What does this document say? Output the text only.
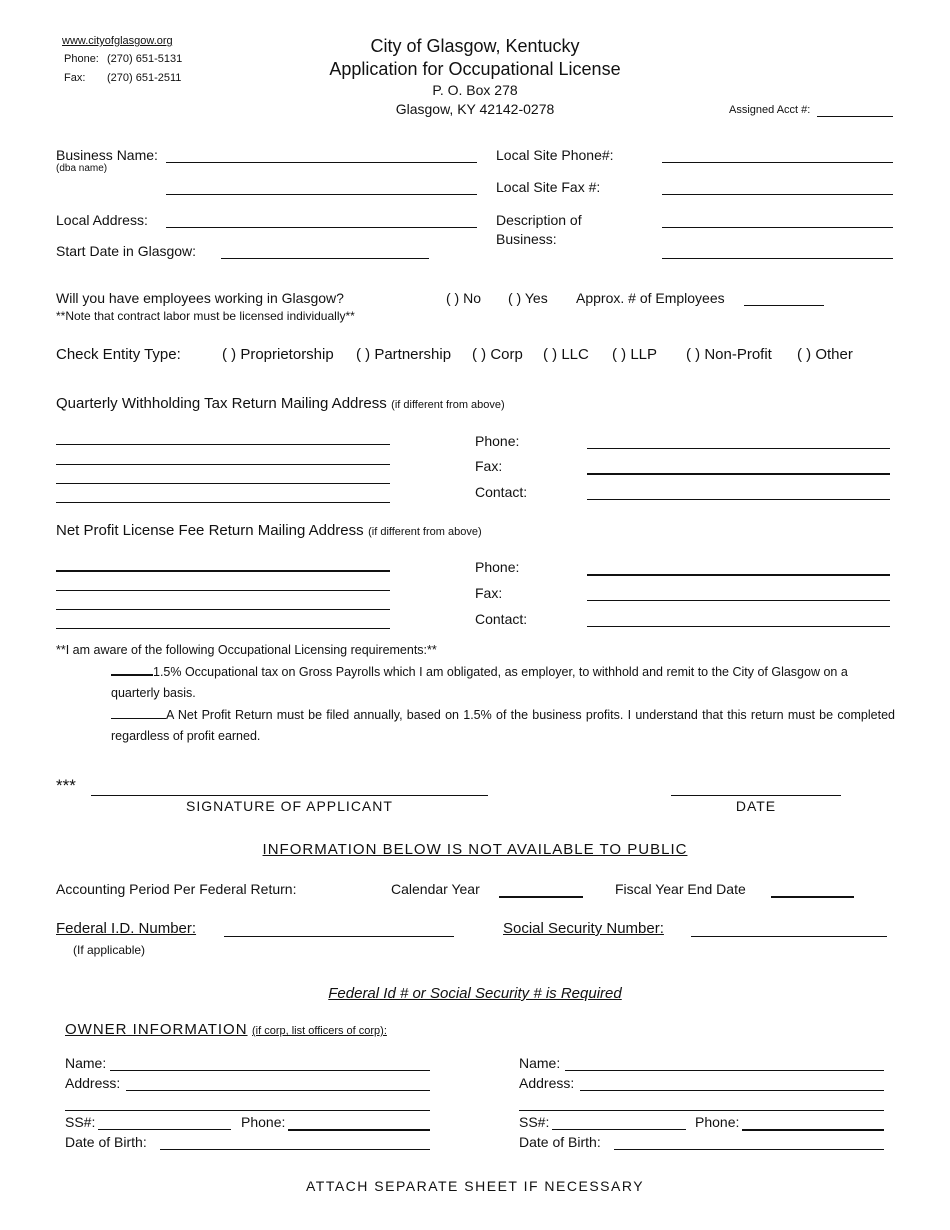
www.cityofglasgow.org
Phone: (270) 651-5131
Fax: (270) 651-2511
City of Glasgow, Kentucky
Application for Occupational License
P. O. Box 278
Glasgow, KY 42142-0278	Assigned Acct #:
Business Name:
(dba name)
Local Address:
Start Date in Glasgow:
Local Site Phone#:
Local Site Fax #:
Description of
Business:
Will you have employees working in Glasgow?	( ) No ( ) Yes Approx. # of Employees
**Note that contract labor must be licensed individually**
Check Entity Type:	( ) Proprietorship ( ) Partnership ( ) Corp ( ) LLC ( ) LLP ( ) Non-Profit ( ) Other
Quarterly Withholding Tax Return Mailing Address (if different from above)
Phone:
Fax:
Contact:
Net Profit License Fee Return Mailing Address (if different from above)
Phone:
Fax:
Contact:
**I am aware of the following Occupational Licensing requirements:**
1.5% Occupational tax on Gross Payrolls which I am obligated, as employer, to withhold and remit to the City of Glasgow on a quarterly basis.
A Net Profit Return must be filed annually, based on 1.5% of the business profits. I understand that this return must be completed regardless of profit earned.
***
SIGNATURE OF APPLICANT	DATE
INFORMATION BELOW IS NOT AVAILABLE TO PUBLIC
Accounting Period Per Federal Return:	Calendar Year	Fiscal Year End Date
Federal I.D. Number:
(If applicable)
Social Security Number:
Federal Id # or Social Security # is Required
OWNER INFORMATION (if corp, list officers of corp):
Name:
Address:
SS#:	Phone:
Date of Birth:
Name:
Address:
SS#:	Phone:
Date of Birth:
ATTACH SEPARATE SHEET IF NECESSARY
